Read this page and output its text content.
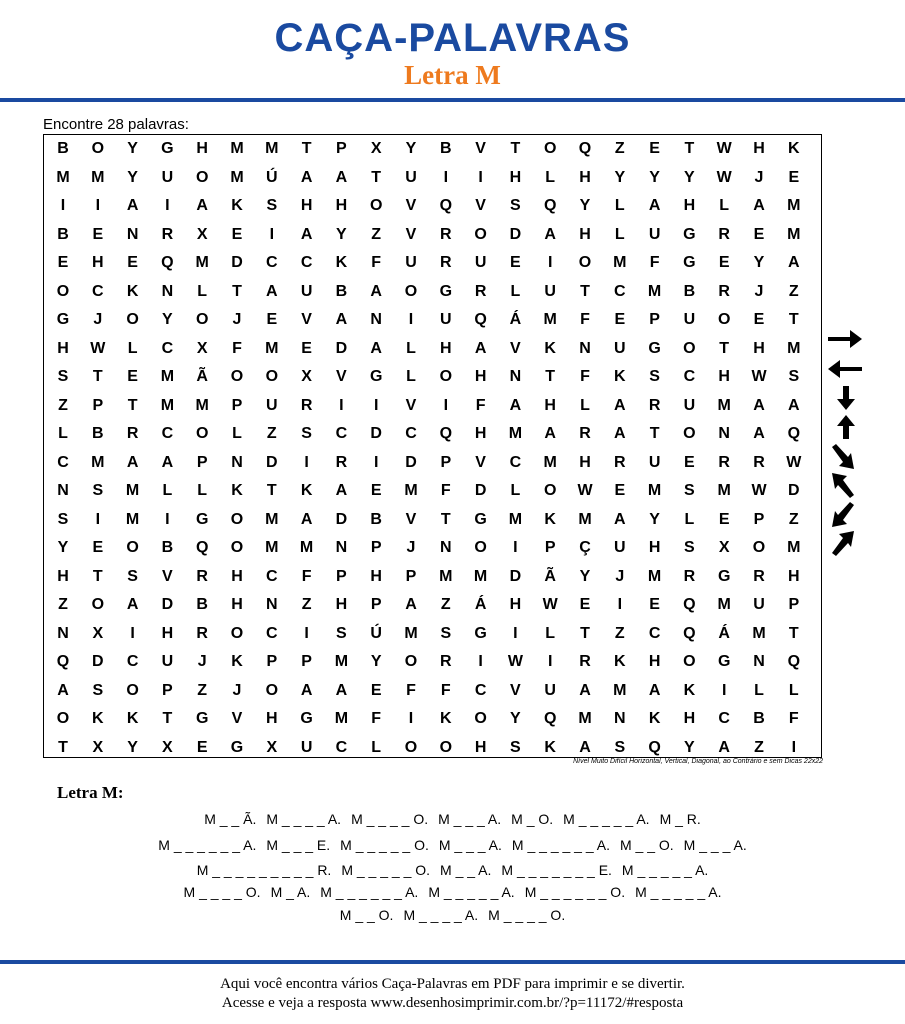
CAÇA-PALAVRAS
Letra M
Encontre 28 palavras:
B	O	Y	G	H	M	M	T	P	X	Y	B	V	T	O	Q	Z	E	T	W	H	K
M	M	Y	U	O	M	Ú	A	A	T	U	I	I	H	L	H	Y	Y	Y	W	J	E
I	I	A	I	A	K	S	H	H	O	V	Q	V	S	Q	Y	L	A	H	L	A	M
B	E	N	R	X	E	I	A	Y	Z	V	R	O	D	A	H	L	U	G	R	E	M
E	H	E	Q	M	D	C	C	K	F	U	R	U	E	I	O	M	F	G	E	Y	A
O	C	K	N	L	T	A	U	B	A	O	G	R	L	U	T	C	M	B	R	J	Z
G	J	O	Y	O	J	E	V	A	N	I	U	Q	Á	M	F	E	P	U	O	E	T
H	W	L	C	X	F	M	E	D	A	L	H	A	V	K	N	U	G	O	T	H	M
S	T	E	M	Ã	O	O	X	V	G	L	O	H	N	T	F	K	S	C	H	W	S
Z	P	T	M	M	P	U	R	I	I	V	I	F	A	H	L	A	R	U	M	A	A
L	B	R	C	O	L	Z	S	C	D	C	Q	H	M	A	R	A	T	O	N	A	Q
C	M	A	A	P	N	D	I	R	I	D	P	V	C	M	H	R	U	E	R	R	W
N	S	M	L	L	K	T	K	A	E	M	F	D	L	O	W	E	M	S	M	W	D
S	I	M	I	G	O	M	A	D	B	V	T	G	M	K	M	A	Y	L	E	P	Z
Y	E	O	B	Q	O	M	M	N	P	J	N	O	I	P	Ç	U	H	S	X	O	M
H	T	S	V	R	H	C	F	P	H	P	M	M	D	Ã	Y	J	M	R	G	R	H
Z	O	A	D	B	H	N	Z	H	P	A	Z	Á	H	W	E	I	E	Q	M	U	P
N	X	I	H	R	O	C	I	S	Ú	M	S	G	I	L	T	Z	C	Q	Á	M	T
Q	D	C	U	J	K	P	P	M	Y	O	R	I	W	I	R	K	H	O	G	N	Q
A	S	O	P	Z	J	O	A	A	E	F	F	C	V	U	A	M	A	K	I	L	L
O	K	K	T	G	V	H	G	M	F	I	K	O	Y	Q	M	N	K	H	C	B	F
T	X	Y	X	E	G	X	U	C	L	O	O	H	S	K	A	S	Q	Y	A	Z	I
Nível Muito Difícil Horizontal, Vertical, Diagonal, ao Contrário e sem Dicas 22x22
Letra M:
M _ _ Ã. M _ _ _ _ A. M _ _ _ _ O. M _ _ _ A. M _ O. M _ _ _ _ _ A. M _ R.
M _ _ _ _ _ _ A. M _ _ _ E. M _ _ _ _ _ O. M _ _ _ A. M _ _ _ _ _ _ A. M _ _ O. M _ _ _ A.
M _ _ _ _ _ _ _ _ _ R. M _ _ _ _ _ O. M _ _ A. M _ _ _ _ _ _ _ E. M _ _ _ _ _ A.
M _ _ _ _ O. M _ A. M _ _ _ _ _ _ A. M _ _ _ _ _ A. M _ _ _ _ _ _ O. M _ _ _ _ _ A.
M _ _ O. M _ _ _ _ A. M _ _ _ _ O.
Aqui você encontra vários Caça-Palavras em PDF para imprimir e se divertir.
Acesse e veja a resposta www.desenhosimprimir.com.br/?p=11172/#resposta
